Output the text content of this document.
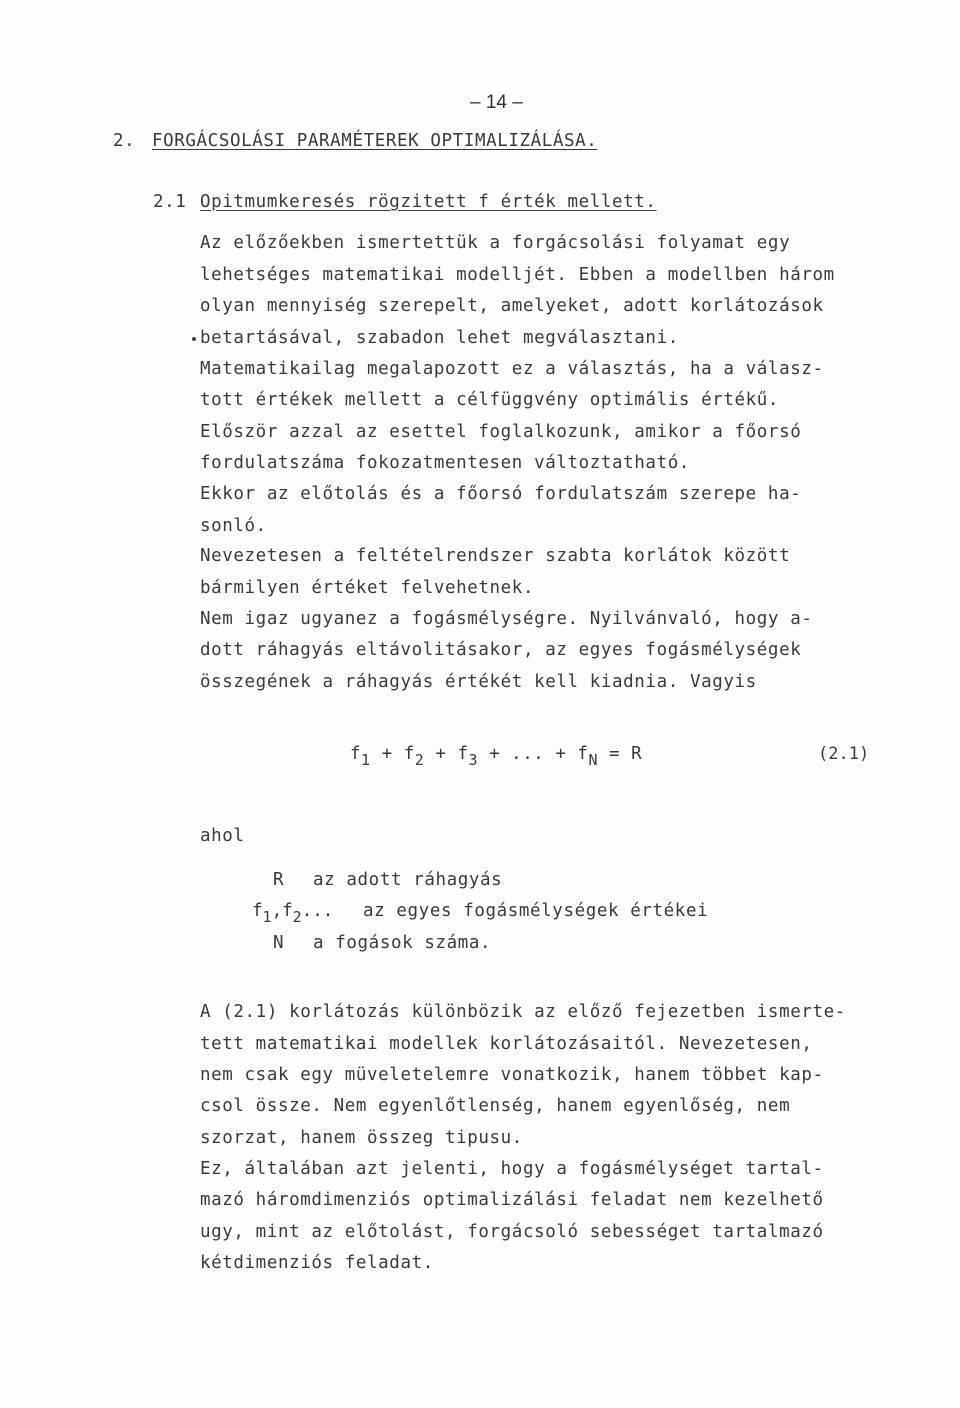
– 14 –
2. FORGÁCSOLÁSI PARAMÉTEREK OPTIMALIZÁLÁSA.
2.1 Opitmumkeresés rögzitett f érték mellett.
Az előzőekben ismertettük a forgácsolási folyamat egy
lehetséges matematikai modelljét. Ebben a modellben három
olyan mennyiség szerepelt, amelyeket, adott korlátozások
betartásával, szabadon lehet megválasztani.
Matematikailag megalapozott ez a választás, ha a válasz-
tott értékek mellett a célfüggvény optimális értékű.
Először azzal az esettel foglalkozunk, amikor a főorsó
fordulatszáma fokozatmentesen változtatható.
Ekkor az előtolás és a főorsó fordulatszám szerepe ha-
sonló.
Nevezetesen a feltételrendszer szabta korlátok között
bármilyen értéket felvehetnek.
Nem igaz ugyanez a fogásmélységre. Nyilvánvaló, hogy a-
dott ráhagyás eltávolitásakor, az egyes fogásmélységek
összegének a ráhagyás értékét kell kiadnia. Vagyis
$f_1 + f_2 + f_3$ + ... + $f_N = R$	(2.1)
ahol
R az adott ráhagyás
$f_1,f_2$... az egyes fogásmélységek értékei
N a fogások száma.
A (2.1) korlátozás különbözik az előző fejezetben ismerte-
tett matematikai modellek korlátozásaitól. Nevezetesen,
nem csak egy müveletelemre vonatkozik, hanem többet kap-
csol össze. Nem egyenlőtlenség, hanem egyenlőség, nem
szorzat, hanem összeg tipusu.
Ez, általában azt jelenti, hogy a fogásmélységet tartal-
mazó háromdimenziós optimalizálási feladat nem kezelhető
ugy, mint az előtolást, forgácsoló sebességet tartalmazó
kétdimenziós feladat.
